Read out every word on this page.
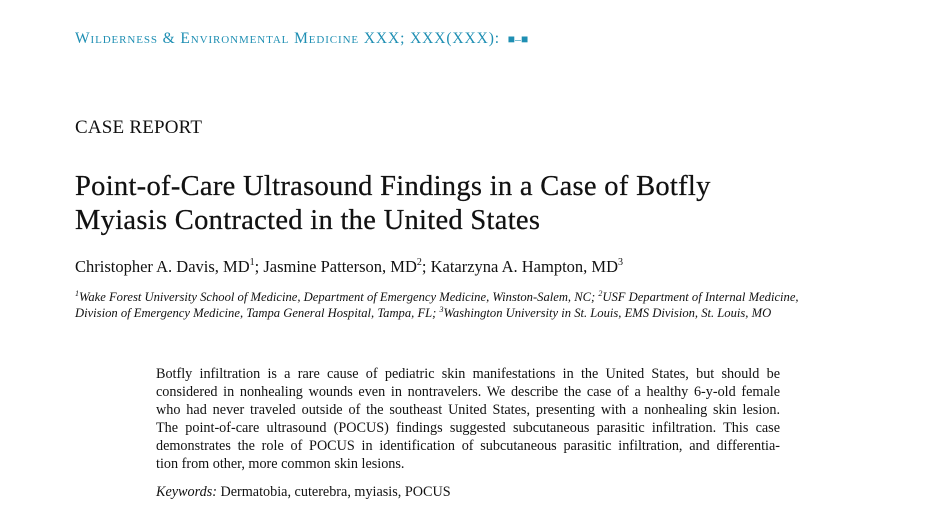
Wilderness & Environmental Medicine XXX; XXX(XXX): ■–■
CASE REPORT
Point-of-Care Ultrasound Findings in a Case of Botfly
Myiasis Contracted in the United States
Christopher A. Davis, $MD^1$; Jasmine Patterson, $MD^2$; Katarzyna A. Hampton, $MD^3$
$^1$Wake Forest University School of Medicine, Department of Emergency Medicine, Winston-Salem, NC; $^2$USF Department of Internal Medicine,
Division of Emergency Medicine, Tampa General Hospital, Tampa, FL; $^3$Washington University in St. Louis, EMS Division, St. Louis, MO

Botfly infiltration is a rare cause of pediatric skin manifestations in the United States, but should be
considered in nonhealing wounds even in nontravelers. We describe the case of a healthy 6-y-old female
who had never traveled outside of the southeast United States, presenting with a nonhealing skin lesion.
The point-of-care ultrasound (POCUS) findings suggested subcutaneous parasitic infiltration. This case
demonstrates the role of POCUS in identification of subcutaneous parasitic infiltration, and differentia-
tion from other, more common skin lesions.

Keywords: Dermatobia, cuterebra, myiasis, POCUS
